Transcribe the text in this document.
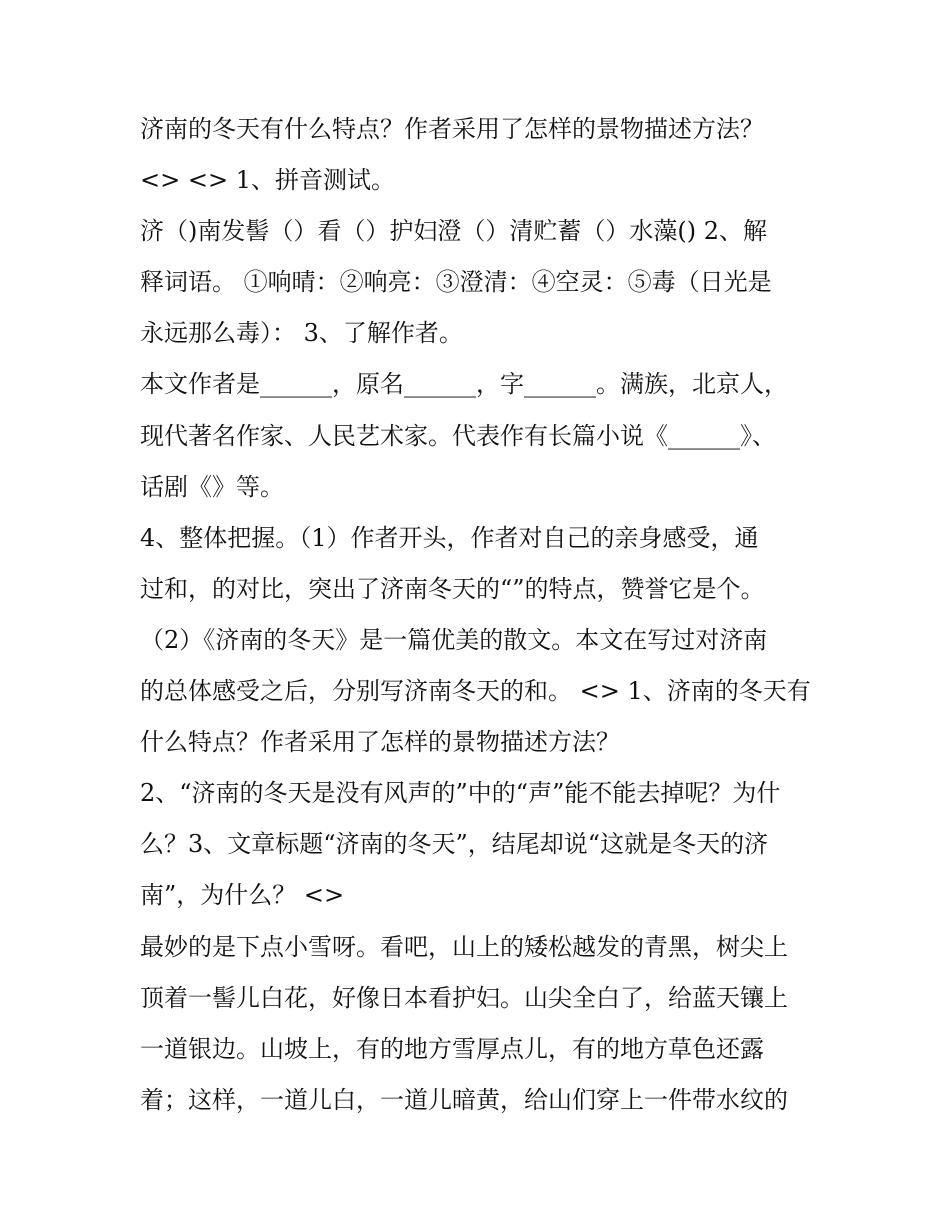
济南的冬天有什么特点？作者采用了怎样的景物描述方法？
<> <> 1、拼音测试。
济（)南发髻（）看（）护妇澄（）清贮蓄（）水藻() 2、解
释词语。 ①响晴：②响亮：③澄清：④空灵：⑤毒（日光是
永远那么毒）： 3、了解作者。
本文作者是______，原名______，字______。满族，北京人，
现代著名作家、人民艺术家。代表作有长篇小说《______》、
话剧《》等。
4、整体把握。（1）作者开头，作者对自己的亲身感受，通
过和，的对比，突出了济南冬天的“”的特点，赞誉它是个。
（2）《济南的冬天》是一篇优美的散文。本文在写过对济南
的总体感受之后，分别写济南冬天的和。 <> 1、济南的冬天有
什么特点？作者采用了怎样的景物描述方法？
2、“济南的冬天是没有风声的”中的“声”能不能去掉呢？为什
么？3、文章标题“济南的冬天”，结尾却说“这就是冬天的济
南”，为什么？ <>
最妙的是下点小雪呀。看吧，山上的矮松越发的青黑，树尖上
顶着一髻儿白花，好像日本看护妇。山尖全白了，给蓝天镶上
一道银边。山坡上，有的地方雪厚点儿，有的地方草色还露
着；这样，一道儿白，一道儿暗黄，给山们穿上一件带水纹的
